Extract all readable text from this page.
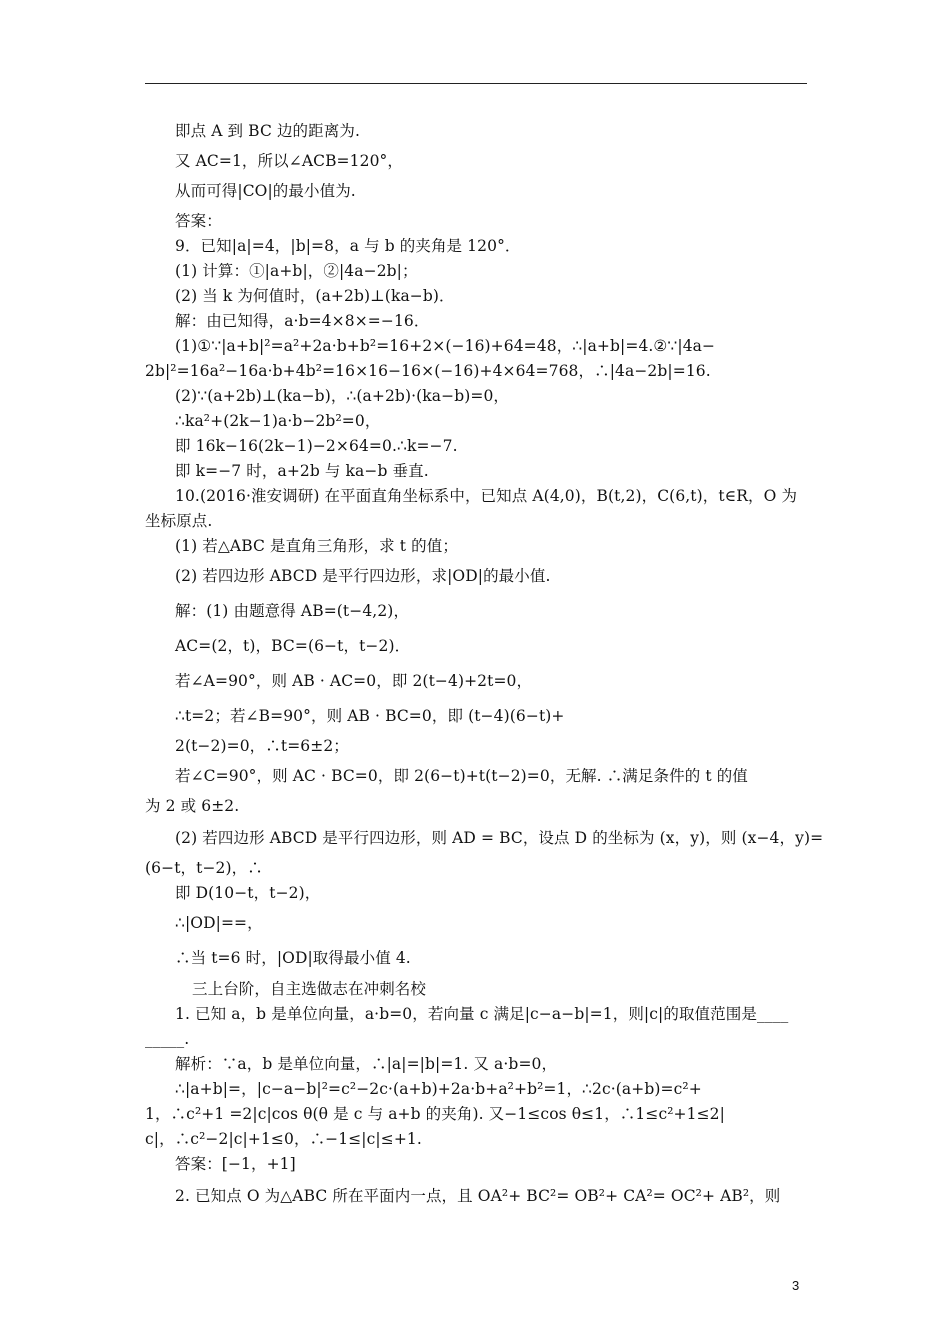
即点 A 到 BC 边的距离为.
又 AC=1，所以∠ACB=120°，
从而可得|CO|的最小值为.
答案：
9．已知|a|=4，|b|=8，a 与 b 的夹角是 120°．
(1) 计算：①|a+b|，②|4a−2b|；
(2) 当 k 为何值时，(a+2b)⊥(ka−b)．
解：由已知得，a·b=4×8×=−16．
(1)①∵|a+b|²=a²+2a·b+b²=16+2×(−16)+64=48，∴|a+b|=4.②∵|4a−
2b|²=16a²−16a·b+4b²=16×16−16×(−16)+4×64=768，∴|4a−2b|=16.
(2)∵(a+2b)⊥(ka−b)，∴(a+2b)·(ka−b)=0，
∴ka²+(2k−1)a·b−2b²=0，
即 16k−16(2k−1)−2×64=0.∴k=−7.
即 k=−7 时，a+2b 与 ka−b 垂直.
10.(2016·淮安调研) 在平面直角坐标系中，已知点 A(4,0)，B(t,2)，C(6,t)，t∈R，O 为
坐标原点.
(1) 若△ABC 是直角三角形，求 t 的值；
(2) 若四边形 ABCD 是平行四边形，求|OD|的最小值.
解：(1) 由题意得 AB=(t−4,2)，
AC=(2，t)，BC=(6−t，t−2)．
若∠A=90°，则 AB · AC=0，即 2(t−4)+2t=0，
∴t=2；若∠B=90°，则 AB · BC=0，即 (t−4)(6−t)+
2(t−2)=0，∴t=6±2；
若∠C=90°，则 AC · BC=0，即 2(6−t)+t(t−2)=0，无解. ∴满足条件的 t 的值
为 2 或 6±2.
(2) 若四边形 ABCD 是平行四边形，则 AD = BC，设点 D 的坐标为 (x，y)，则 (x−4，y)=
(6−t，t−2)，∴
即 D(10−t，t−2)，
∴|OD|==，
∴当 t=6 时，|OD|取得最小值 4.
三上台阶，自主选做志在冲刺名校
1. 已知 a，b 是单位向量，a·b=0，若向量 c 满足|c−a−b|=1，则|c|的取值范围是____
_____.
解析：∵a，b 是单位向量，∴|a|=|b|=1. 又 a·b=0，
∴|a+b|=，|c−a−b|²=c²−2c·(a+b)+2a·b+a²+b²=1，∴2c·(a+b)=c²+
1，∴c²+1 =2|c|cos θ(θ 是 c 与 a+b 的夹角). 又−1≤cos θ≤1，∴1≤c²+1≤2|
c|，∴c²−2|c|+1≤0，∴−1≤|c|≤+1.
答案：[−1，+1]
2. 已知点 O 为△ABC 所在平面内一点，且 OA²+ BC²= OB²+ CA²= OC²+ AB²，则
3
